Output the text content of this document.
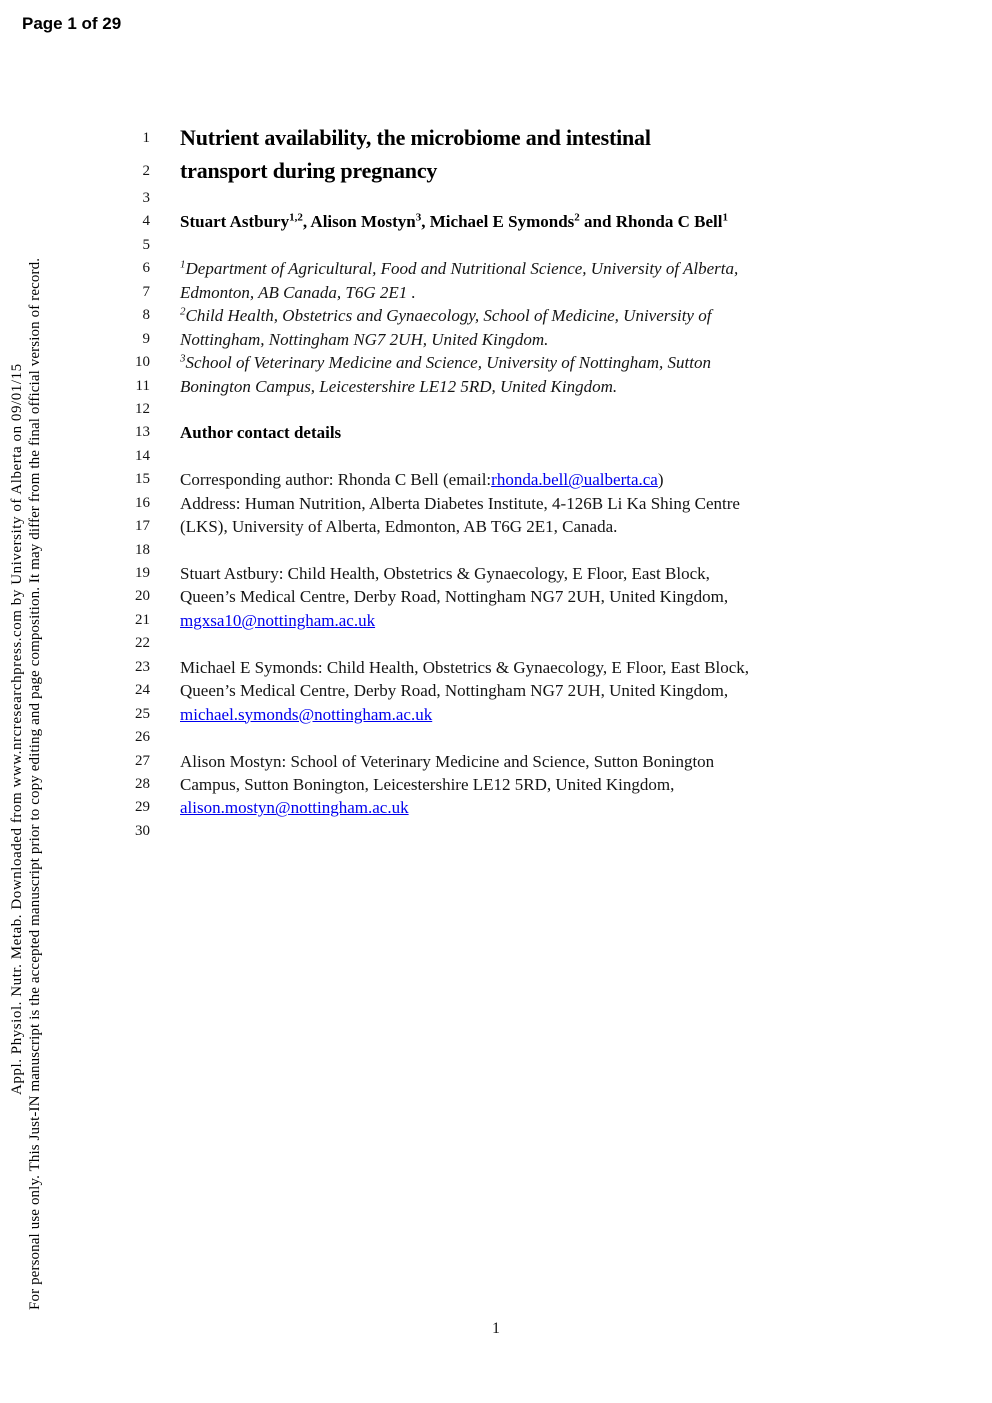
Page 1 of 29
Appl. Physiol. Nutr. Metab. Downloaded from www.nrcresearchpress.com by University of Alberta on 09/01/15 For personal use only. This Just-IN manuscript is the accepted manuscript prior to copy editing and page composition. It may differ from the final official version of record.
1 Nutrient availability, the microbiome and intestinal
2 transport during pregnancy
3
4 Stuart Astbury$^{1,2}$, Alison Mostyn$^3$, Michael E Symonds$^2$ and Rhonda C Bell$^1$
5
6	$^1$Department of Agricultural, Food and Nutritional Science, University of Alberta,
7 Edmonton, AB Canada, T6G 2E1 .
8	$^2$Child Health, Obstetrics and Gynaecology, School of Medicine, University of
9 Nottingham, Nottingham NG7 2UH, United Kingdom.
10	$^3$School of Veterinary Medicine and Science, University of Nottingham, Sutton
11 Bonington Campus, Leicestershire LE12 5RD, United Kingdom.
12
13 Author contact details
14
15 Corresponding author: Rhonda C Bell (email:rhonda.bell@ualberta.ca)
16 Address: Human Nutrition, Alberta Diabetes Institute, 4-126B Li Ka Shing Centre
17 (LKS), University of Alberta, Edmonton, AB T6G 2E1, Canada.
18
19 Stuart Astbury: Child Health, Obstetrics & Gynaecology, E Floor, East Block,
20 Queen’s Medical Centre, Derby Road, Nottingham NG7 2UH, United Kingdom,
21 mgxsa10@nottingham.ac.uk
22
23 Michael E Symonds: Child Health, Obstetrics & Gynaecology, E Floor, East Block,
24 Queen’s Medical Centre, Derby Road, Nottingham NG7 2UH, United Kingdom,
25 michael.symonds@nottingham.ac.uk
26
27 Alison Mostyn: School of Veterinary Medicine and Science, Sutton Bonington
28 Campus, Sutton Bonington, Leicestershire LE12 5RD, United Kingdom,
29 alison.mostyn@nottingham.ac.uk
30
1
